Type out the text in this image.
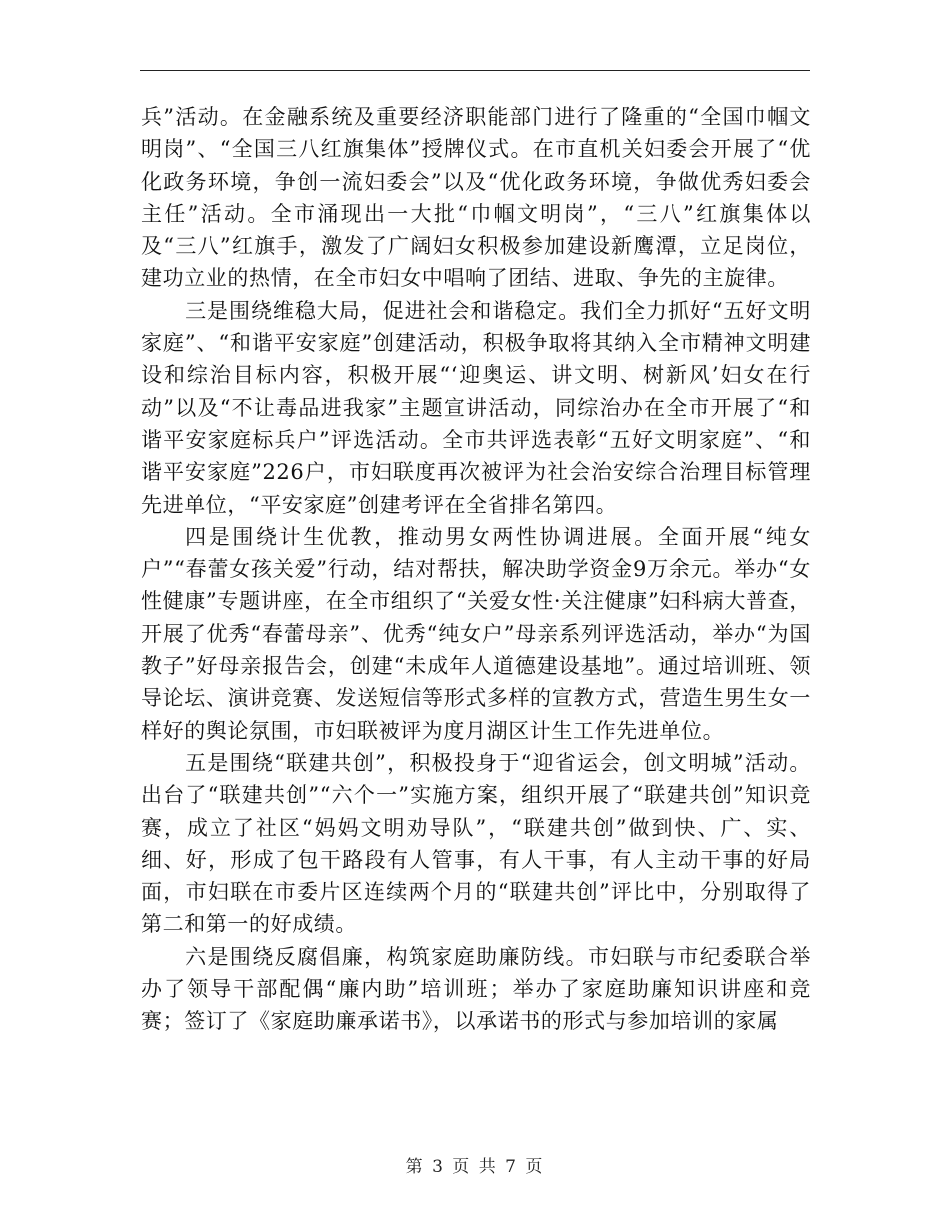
兵”活动。在金融系统及重要经济职能部门进行了隆重的“全国巾帼文明岗”、“全国三八红旗集体”授牌仪式。在市直机关妇委会开展了“优化政务环境，争创一流妇委会”以及“优化政务环境，争做优秀妇委会主任”活动。全市涌现出一大批“巾帼文明岗”，“三八”红旗集体以及“三八”红旗手，激发了广阔妇女积极参加建设新鹰潭，立足岗位，建功立业的热情，在全市妇女中唱响了团结、进取、争先的主旋律。

三是围绕维稳大局，促进社会和谐稳定。我们全力抓好“五好文明家庭”、“和谐平安家庭”创建活动，积极争取将其纳入全市精神文明建设和综治目标内容，积极开展“‘迎奥运、讲文明、树新风’妇女在行动”以及“不让毒品进我家”主题宣讲活动，同综治办在全市开展了“和谐平安家庭标兵户”评选活动。全市共评选表彰“五好文明家庭”、“和谐平安家庭”226户，市妇联度再次被评为社会治安综合治理目标管理先进单位，“平安家庭”创建考评在全省排名第四。

四是围绕计生优教，推动男女两性协调进展。全面开展“纯女户”“春蕾女孩关爱”行动，结对帮扶，解决助学资金9万余元。举办“女性健康”专题讲座，在全市组织了“关爱女性·关注健康”妇科病大普查，开展了优秀“春蕾母亲”、优秀“纯女户”母亲系列评选活动，举办“为国教子”好母亲报告会，创建“未成年人道德建设基地”。通过培训班、领导论坛、演讲竞赛、发送短信等形式多样的宣教方式，营造生男生女一样好的舆论氛围，市妇联被评为度月湖区计生工作先进单位。

五是围绕“联建共创”，积极投身于“迎省运会，创文明城”活动。出台了“联建共创”“六个一”实施方案，组织开展了“联建共创”知识竞赛，成立了社区“妈妈文明劝导队”，“联建共创”做到快、广、实、细、好，形成了包干路段有人管事，有人干事，有人主动干事的好局面，市妇联在市委片区连续两个月的“联建共创”评比中，分别取得了第二和第一的好成绩。

六是围绕反腐倡廉，构筑家庭助廉防线。市妇联与市纪委联合举办了领导干部配偶“廉内助”培训班；举办了家庭助廉知识讲座和竞赛；签订了《家庭助廉承诺书》，以承诺书的形式与参加培训的家属

第 3 页 共 7 页
